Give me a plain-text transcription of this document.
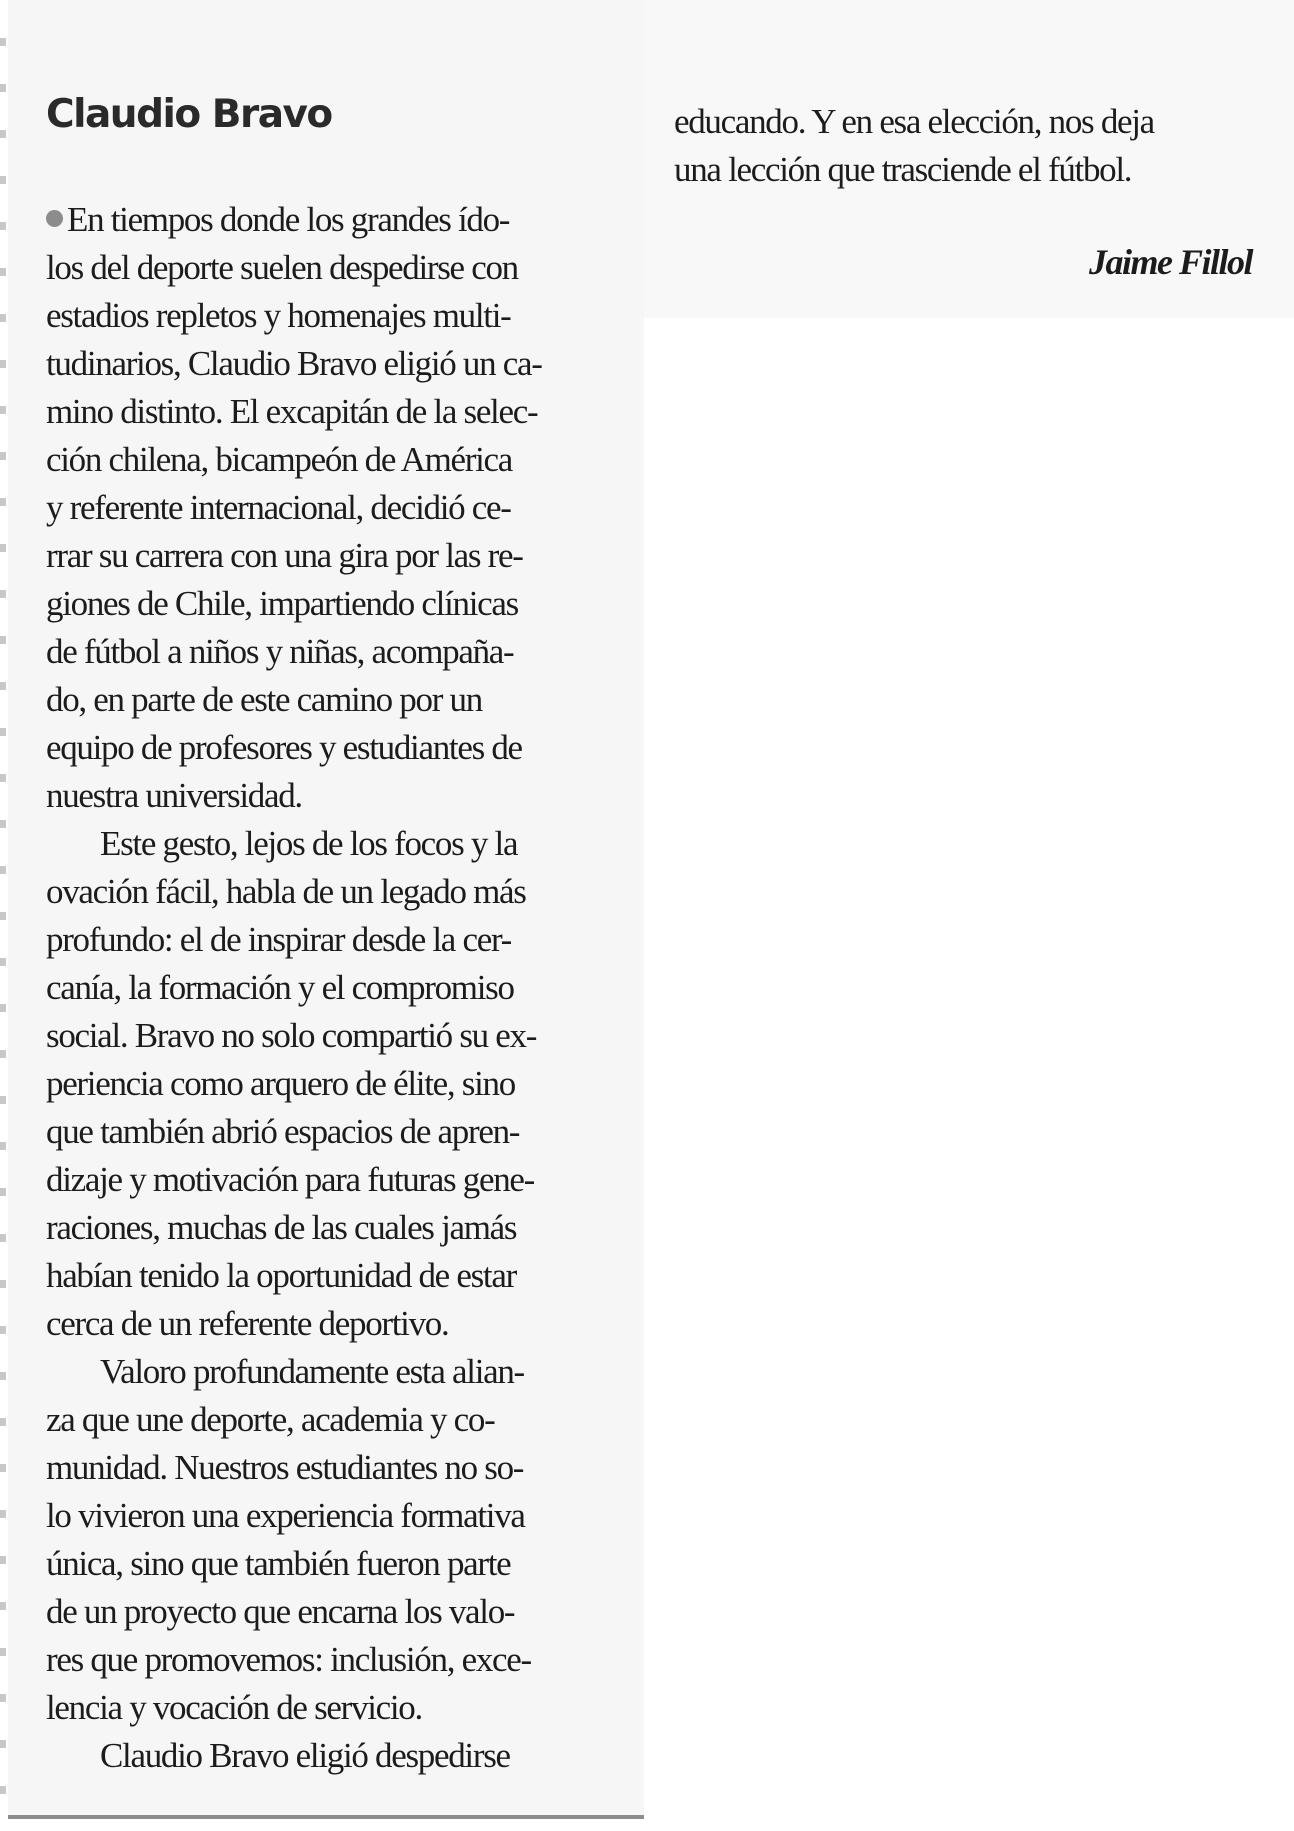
Claudio Bravo
En tiempos donde los grandes ído-
los del deporte suelen despedirse con
estadios repletos y homenajes multi-
tudinarios, Claudio Bravo eligió un ca-
mino distinto. El excapitán de la selec-
ción chilena, bicampeón de América
y referente internacional, decidió ce-
rrar su carrera con una gira por las re-
giones de Chile, impartiendo clínicas
de fútbol a niños y niñas, acompaña-
do, en parte de este camino por un
equipo de profesores y estudiantes de
nuestra universidad.
Este gesto, lejos de los focos y la
ovación fácil, habla de un legado más
profundo: el de inspirar desde la cer-
canía, la formación y el compromiso
social. Bravo no solo compartió su ex-
periencia como arquero de élite, sino
que también abrió espacios de apren-
dizaje y motivación para futuras gene-
raciones, muchas de las cuales jamás
habían tenido la oportunidad de estar
cerca de un referente deportivo.
Valoro profundamente esta alian-
za que une deporte, academia y co-
munidad. Nuestros estudiantes no so-
lo vivieron una experiencia formativa
única, sino que también fueron parte
de un proyecto que encarna los valo-
res que promovemos: inclusión, exce-
lencia y vocación de servicio.
Claudio Bravo eligió despedirse
educando. Y en esa elección, nos deja
una lección que trasciende el fútbol.

Jaime Fillol
